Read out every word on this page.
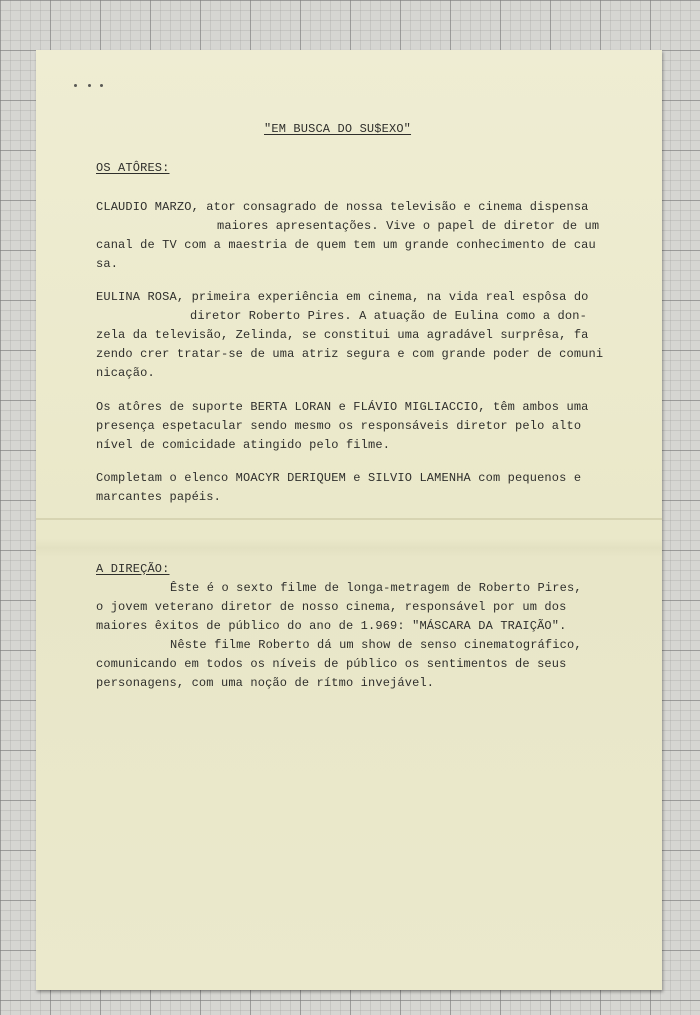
"EM BUSCA DO SU$EXO"

OS ATÔRES:

CLAUDIO MARZO, ator consagrado de nossa televisão e cinema dispensa

maiores apresentações. Vive o papel de diretor de um

canal de TV com a maestria de quem tem um grande conhecimento de cau

sa.

EULINA ROSA, primeira experiência em cinema, na vida real espôsa do

diretor Roberto Pires. A atuação de Eulina como a don-

zela da televisão, Zelinda, se constitui uma agradável surprêsa, fa

zendo crer tratar-se de uma atriz segura e com grande poder de comuni

nicação.

Os atôres de suporte BERTA LORAN e FLÁVIO MIGLIACCIO, têm ambos uma

presença espetacular sendo mesmo os responsáveis diretor pelo alto

nível de comicidade atingido pelo filme.

Completam o elenco MOACYR DERIQUEM e SILVIO LAMENHA com pequenos e

marcantes papéis.

A DIREÇÃO:

Êste é o sexto filme de longa-metragem de Roberto Pires,

o jovem veterano diretor de nosso cinema, responsável por um dos

maiores êxitos de público do ano de 1.969: "MÁSCARA DA TRAIÇÃO".

Nêste filme Roberto dá um show de senso cinematográfico,

comunicando em todos os níveis de público os sentimentos de seus

personagens, com uma noção de rítmo invejável.
